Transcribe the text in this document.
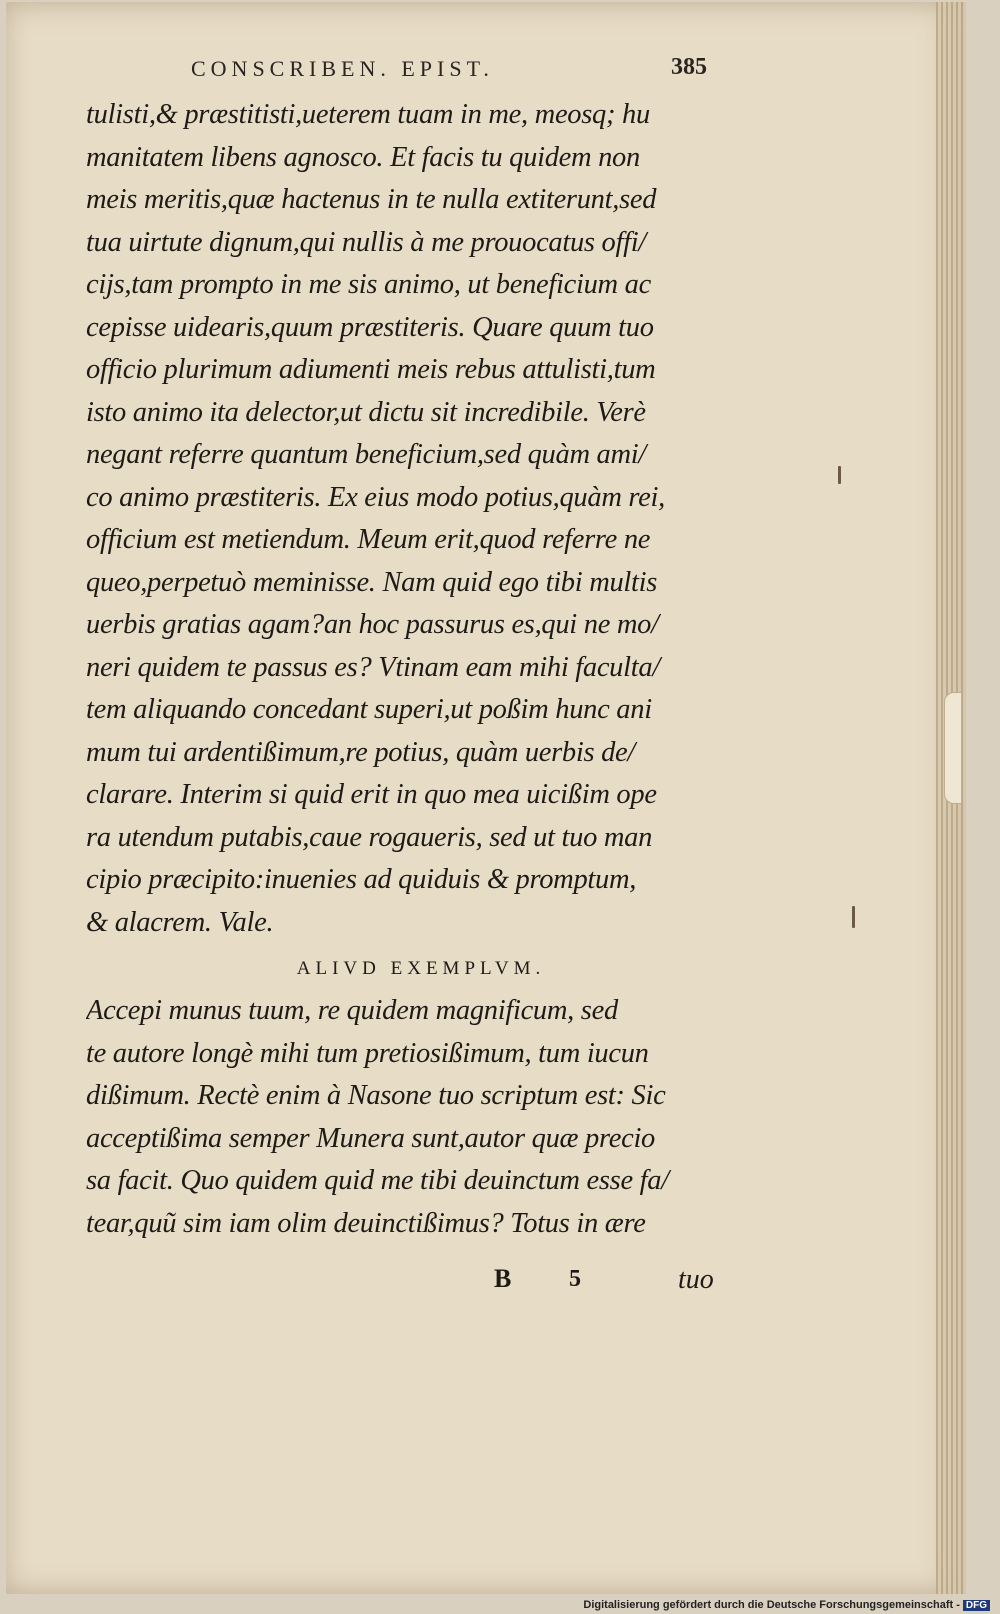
CONSCRIBEN. EPIST.	385
tulisti,& præstitisti,ueterem tuam in me, meosq; hu
manitatem libens agnosco. Et facis tu quidem non
meis meritis,quæ hactenus in te nulla extiterunt,sed
tua uirtute dignum,qui nullis à me prouocatus offi/
cijs,tam prompto in me sis animo, ut beneficium ac
cepisse uidearis,quum præstiteris. Quare quum tuo
officio plurimum adiumenti meis rebus attulisti,tum
isto animo ita delector,ut dictu sit incredibile. Verè
negant referre quantum beneficium,sed quàm ami/
co animo præstiteris. Ex eius modo potius,quàm rei,
officium est metiendum. Meum erit,quod referre ne
queo,perpetuò meminisse. Nam quid ego tibi multis
uerbis gratias agam?an hoc passurus es,qui ne mo/
neri quidem te passus es? Vtinam eam mihi faculta/
tem aliquando concedant superi,ut poßim hunc ani
mum tui ardentißimum,re potius, quàm uerbis de/
clarare. Interim si quid erit in quo mea uicißim ope
ra utendum putabis,caue rogaueris, sed ut tuo man
cipio præcipito:inuenies ad quiduis & promptum,
& alacrem. Vale.
ALIVD EXEMPLVM.
Accepi munus tuum, re quidem magnificum, sed
te autore longè mihi tum pretiosißimum, tum iucun
dißimum. Rectè enim à Nasone tuo scriptum est: Sic
acceptißima semper Munera sunt,autor quæ precio
sa facit. Quo quidem quid me tibi deuinctum esse fa/
tear,quũ sim iam olim deuinctißimus? Totus in ære
B 5	tuo
Digitalisierung gefördert durch die Deutsche Forschungsgemeinschaft - DFG
